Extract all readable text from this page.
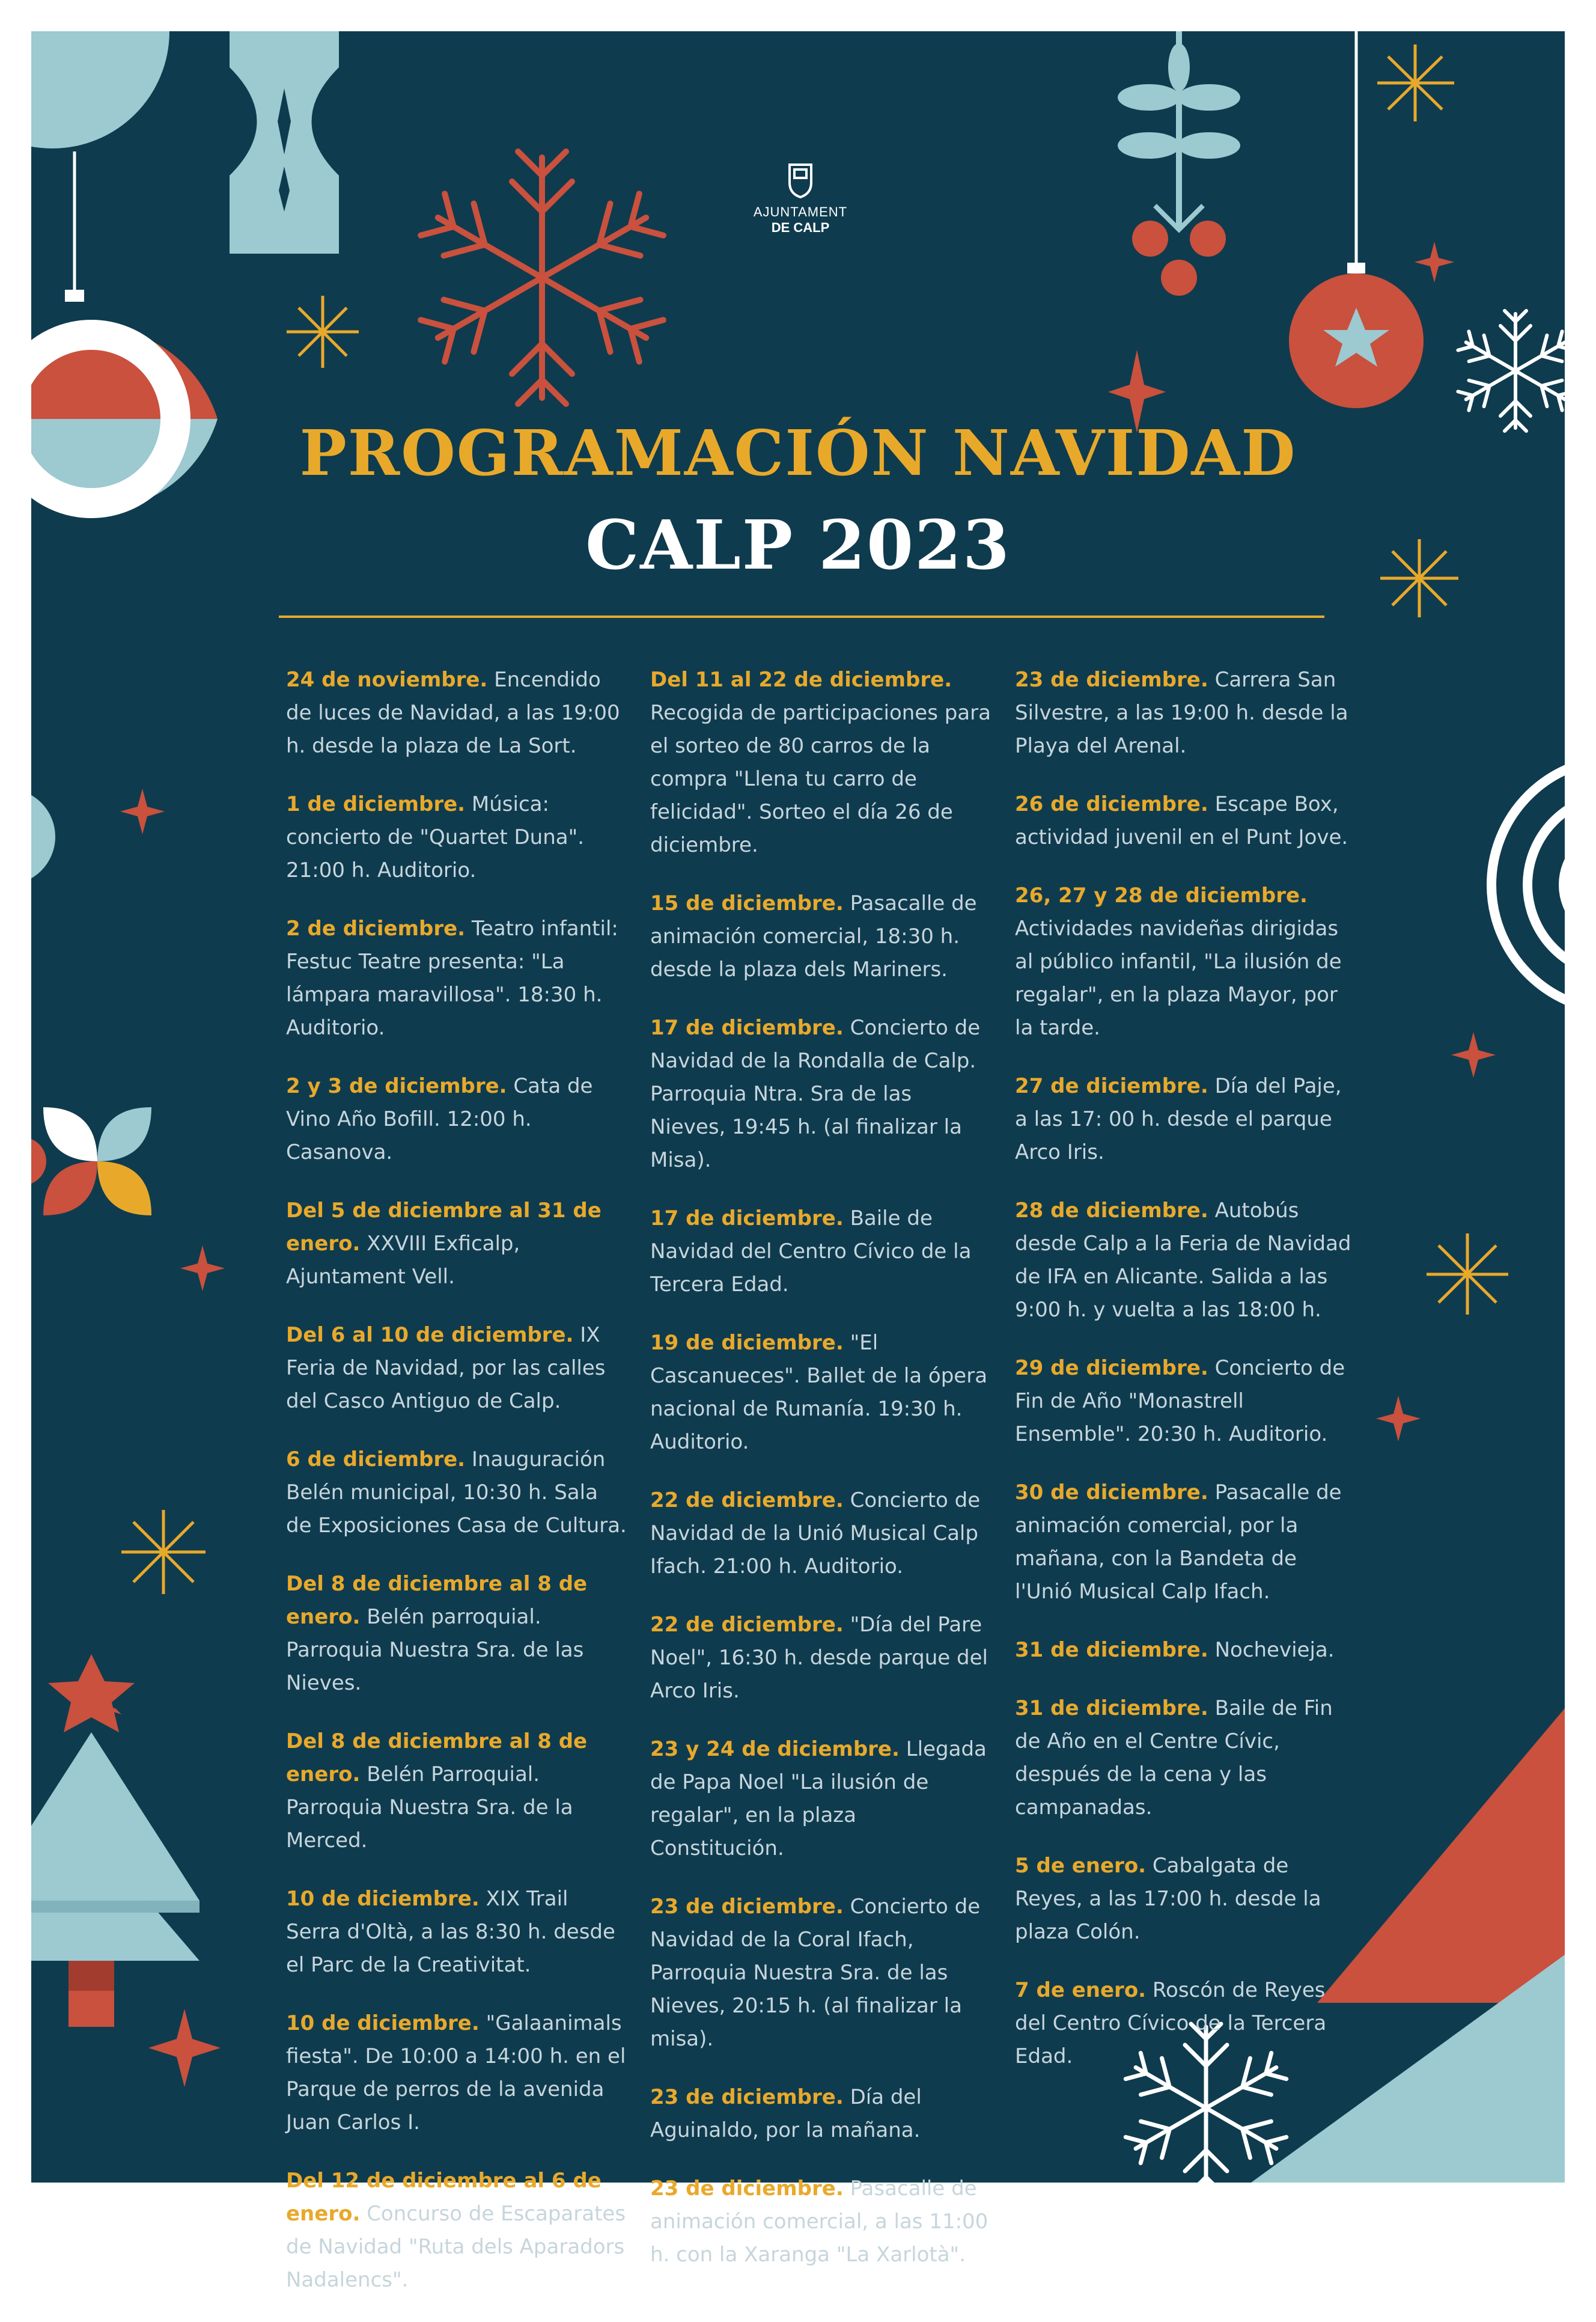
AJUNTAMENT
DE CALP
PROGRAMACIÓN NAVIDAD
CALP 2023

24 de noviembre. Encendido de luces de Navidad, a las 19:00 h. desde la plaza de La Sort.

1 de diciembre. Música: concierto de "Quartet Duna". 21:00 h. Auditorio.

2 de diciembre. Teatro infantil: Festuc Teatre presenta: "La lámpara maravillosa". 18:30 h. Auditorio.

2 y 3 de diciembre. Cata de Vino Año Bofill. 12:00 h. Casanova.

Del 5 de diciembre al 31 de enero. XXVIII Exficalp, Ajuntament Vell.

Del 6 al 10 de diciembre. IX Feria de Navidad, por las calles del Casco Antiguo de Calp.

6 de diciembre. Inauguración Belén municipal, 10:30 h. Sala de Exposiciones Casa de Cultura.

Del 8 de diciembre al 8 de enero. Belén parroquial. Parroquia Nuestra Sra. de las Nieves.

Del 8 de diciembre al 8 de enero. Belén Parroquial. Parroquia Nuestra Sra. de la Merced.

10 de diciembre. XIX Trail Serra d'Oltà, a las 8:30 h. desde el Parc de la Creativitat.

10 de diciembre. "Galaanimals fiesta". De 10:00 a 14:00 h. en el Parque de perros de la avenida Juan Carlos I.

Del 12 de diciembre al 6 de enero. Concurso de Escaparates de Navidad "Ruta dels Aparadors Nadalencs".

Del 11 al 22 de diciembre. Recogida de participaciones para el sorteo de 80 carros de la compra "Llena tu carro de felicidad". Sorteo el día 26 de diciembre.

15 de diciembre. Pasacalle de animación comercial, 18:30 h. desde la plaza dels Mariners.

17 de diciembre. Concierto de Navidad de la Rondalla de Calp. Parroquia Ntra. Sra de las Nieves, 19:45 h. (al finalizar la Misa).

17 de diciembre. Baile de Navidad del Centro Cívico de la Tercera Edad.

19 de diciembre. "El Cascanueces". Ballet de la ópera nacional de Rumanía. 19:30 h. Auditorio.

22 de diciembre. Concierto de Navidad de la Unió Musical Calp Ifach. 21:00 h. Auditorio.

22 de diciembre. "Día del Pare Noel", 16:30 h. desde parque del Arco Iris.

23 y 24 de diciembre. Llegada de Papa Noel "La ilusión de regalar", en la plaza Constitución.

23 de diciembre. Concierto de Navidad de la Coral Ifach, Parroquia Nuestra Sra. de las Nieves, 20:15 h. (al finalizar la misa).

23 de diciembre. Día del Aguinaldo, por la mañana.

23 de diciembre. Pasacalle de animación comercial, a las 11:00 h. con la Xaranga "La Xarlotà".

23 de diciembre. Carrera San Silvestre, a las 19:00 h. desde la Playa del Arenal.

26 de diciembre. Escape Box, actividad juvenil en el Punt Jove.

26, 27 y 28 de diciembre. Actividades navideñas dirigidas al público infantil, "La ilusión de regalar", en la plaza Mayor, por la tarde.

27 de diciembre. Día del Paje, a las 17: 00 h. desde el parque Arco Iris.

28 de diciembre. Autobús desde Calp a la Feria de Navidad de IFA en Alicante. Salida a las 9:00 h. y vuelta a las 18:00 h.

29 de diciembre. Concierto de Fin de Año "Monastrell Ensemble". 20:30 h. Auditorio.

30 de diciembre. Pasacalle de animación comercial, por la mañana, con la Bandeta de l'Unió Musical Calp Ifach.

31 de diciembre. Nochevieja.

31 de diciembre. Baile de Fin de Año en el Centre Cívic, después de la cena y las campanadas.

5 de enero. Cabalgata de Reyes, a las 17:00 h. desde la plaza Colón.

7 de enero. Roscón de Reyes del Centro Cívico de la Tercera Edad.
